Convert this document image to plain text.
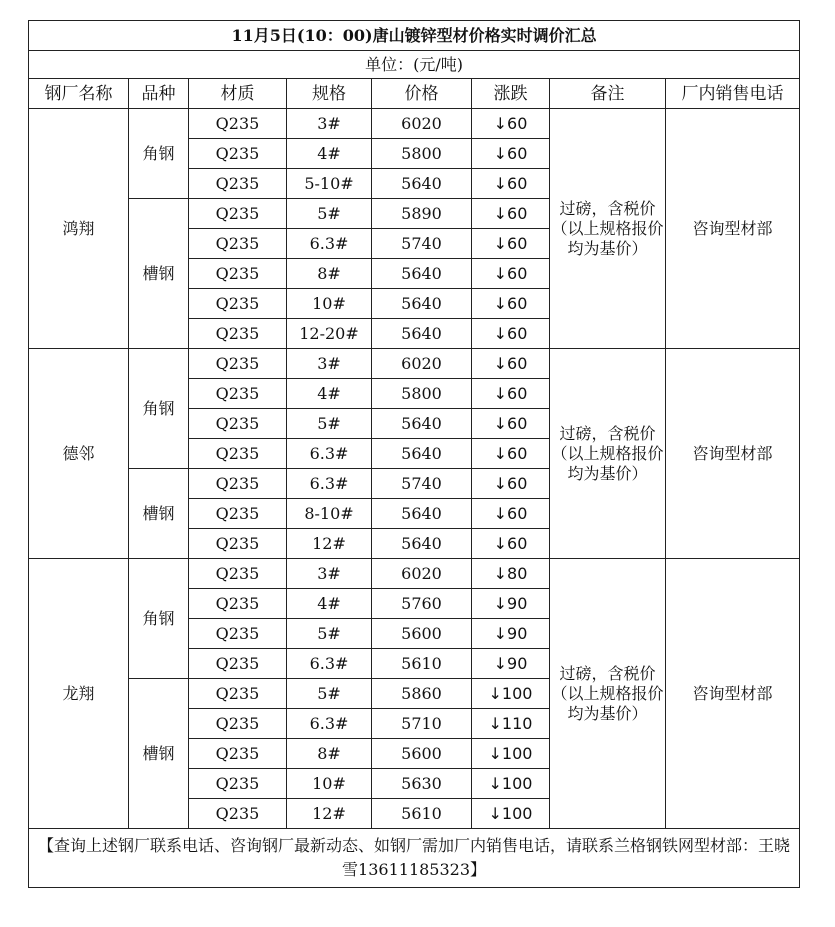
11月5日(10：00)唐山镀锌型材价格实时调价汇总							
单位：(元/吨)							
钢厂名称	品种	材质	规格	价格	涨跌	备注	厂内销售电话
鸿翔	角钢	Q235	3#	6020	↓60	过磅，含税价（以上规格报价均为基价）	咨询型材部
		Q235	4#	5800	↓60		
		Q235	5-10#	5640	↓60		
	槽钢	Q235	5#	5890	↓60		
		Q235	6.3#	5740	↓60		
		Q235	8#	5640	↓60		
		Q235	10#	5640	↓60		
		Q235	12-20#	5640	↓60		
德邻	角钢	Q235	3#	6020	↓60	过磅，含税价（以上规格报价均为基价）	咨询型材部
		Q235	4#	5800	↓60		
		Q235	5#	5640	↓60		
		Q235	6.3#	5640	↓60		
	槽钢	Q235	6.3#	5740	↓60		
		Q235	8-10#	5640	↓60		
		Q235	12#	5640	↓60		
龙翔	角钢	Q235	3#	6020	↓80	过磅，含税价（以上规格报价均为基价）	咨询型材部
		Q235	4#	5760	↓90		
		Q235	5#	5600	↓90		
		Q235	6.3#	5610	↓90		
	槽钢	Q235	5#	5860	↓100		
		Q235	6.3#	5710	↓110		
		Q235	8#	5600	↓100		
		Q235	10#	5630	↓100		
		Q235	12#	5610	↓100		
【查询上述钢厂联系电话、咨询钢厂最新动态、如钢厂需加厂内销售电话，请联系兰格钢铁网型材部：王晓雪13611185323】							
